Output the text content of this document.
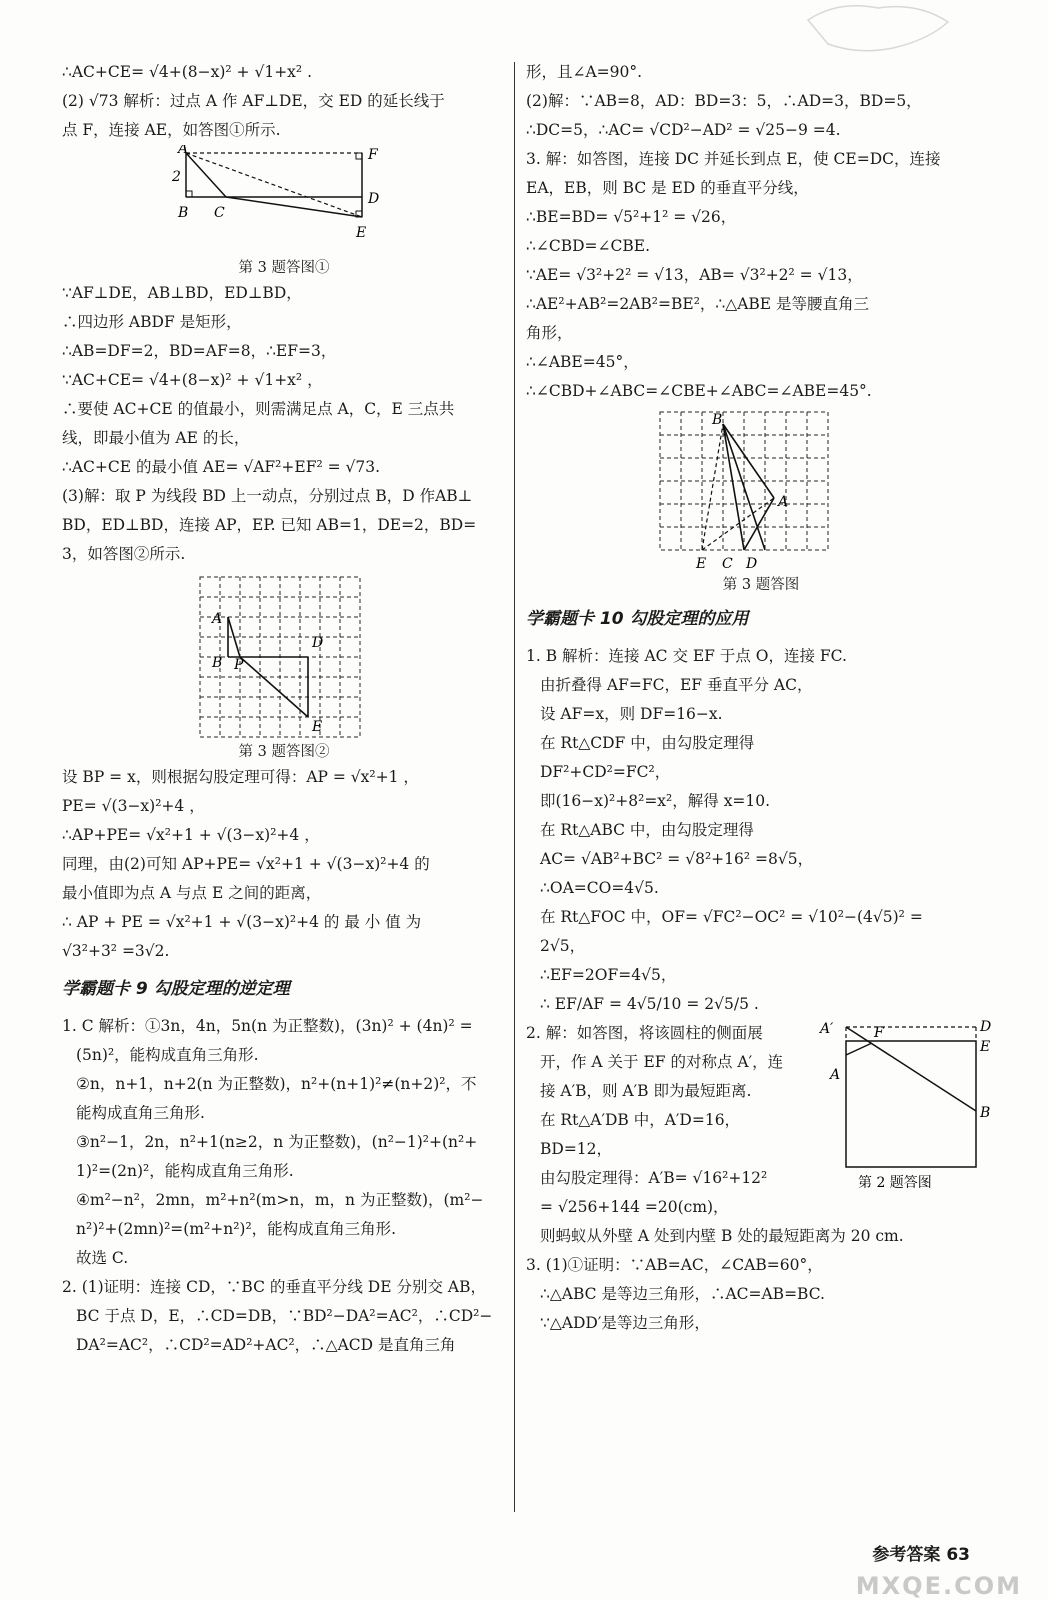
∴AC+CE= √4+(8−x)² + √1+x² .
(2) √73 解析：过点 A 作 AF⊥DE，交 ED 的延长线于
点 F，连接 AE，如答图①所示.
A	F
2
D
B C
E
第 3 题答图①
∵AF⊥DE，AB⊥BD，ED⊥BD，
∴四边形 ABDF 是矩形，
∴AB=DF=2，BD=AF=8，∴EF=3，
∵AC+CE= √4+(8−x)² + √1+x² ，
∴要使 AC+CE 的值最小，则需满足点 A，C，E 三点共
线，即最小值为 AE 的长，
∴AC+CE 的最小值 AE= √AF²+EF² = √73.
(3)解：取 P 为线段 BD 上一动点，分别过点 B，D 作AB⊥
BD，ED⊥BD，连接 AP，EP. 已知 AB=1，DE=2，BD=
3，如答图②所示.
A
D
B P
E
第 3 题答图②
设 BP = x，则根据勾股定理可得：AP = √x²+1 ，
PE= √(3−x)²+4 ，
∴AP+PE= √x²+1 + √(3−x)²+4 ，
同理，由(2)可知 AP+PE= √x²+1 + √(3−x)²+4 的
最小值即为点 A 与点 E 之间的距离，
∴ AP + PE = √x²+1 + √(3−x)²+4 的 最 小 值 为
√3²+3² =3√2.
学霸题卡 9 勾股定理的逆定理
1. C 解析：①3n，4n，5n(n 为正整数)，(3n)² + (4n)² =
(5n)²，能构成直角三角形.
②n，n+1，n+2(n 为正整数)，n²+(n+1)²≠(n+2)²，不
能构成直角三角形.
③n²−1，2n，n²+1(n≥2，n 为正整数)，(n²−1)²+(n²+
1)²=(2n)²，能构成直角三角形.
④m²−n²，2mn，m²+n²(m>n，m，n 为正整数)，(m²−
n²)²+(2mn)²=(m²+n²)²，能构成直角三角形.
故选 C.
2. (1)证明：连接 CD，∵BC 的垂直平分线 DE 分别交 AB，
BC 于点 D，E，∴CD=DB，∵BD²−DA²=AC²，∴CD²−
DA²=AC²，∴CD²=AD²+AC²，∴△ACD 是直角三角
形，且∠A=90°.
(2)解：∵AB=8，AD：BD=3：5，∴AD=3，BD=5，
∴DC=5，∴AC= √CD²−AD² = √25−9 =4.
3. 解：如答图，连接 DC 并延长到点 E，使 CE=DC，连接
EA，EB，则 BC 是 ED 的垂直平分线，
∴BE=BD= √5²+1² = √26，
∴∠CBD=∠CBE.
∵AE= √3²+2² = √13，AB= √3²+2² = √13，
∴AE²+AB²=2AB²=BE²，∴△ABE 是等腰直角三
角形，
∴∠ABE=45°，
∴∠CBD+∠ABC=∠CBE+∠ABC=∠ABE=45°.
B
A
E C D
第 3 题答图
学霸题卡 10 勾股定理的应用
1. B 解析：连接 AC 交 EF 于点 O，连接 FC.
由折叠得 AF=FC，EF 垂直平分 AC，
设 AF=x，则 DF=16−x.
在 Rt△CDF 中，由勾股定理得
DF²+CD²=FC²，
即(16−x)²+8²=x²，解得 x=10.
在 Rt△ABC 中，由勾股定理得
AC= √AB²+BC² = √8²+16² =8√5，
∴OA=CO=4√5.
在 Rt△FOC 中，OF= √FC²−OC² = √10²−(4√5)² =
2√5，
∴EF=2OF=4√5，
∴ EF/AF = 4√5/10 = 2√5/5 .
2. 解：如答图，将该圆柱的侧面展
开，作 A 关于 EF 的对称点 A′，连
接 A′B，则 A′B 即为最短距离.
在 Rt△A′DB 中，A′D=16，
BD=12，
由勾股定理得：A′B= √16²+12²
= √256+144 =20(cm)，
A′	F	D
E
A
B
第 2 题答图
则蚂蚁从外壁 A 处到内壁 B 处的最短距离为 20 cm.
3. (1)①证明：∵AB=AC，∠CAB=60°，
∴△ABC 是等边三角形，∴AC=AB=BC.
∵△ADD′是等边三角形，
参考答案 63
MXQE.COM
